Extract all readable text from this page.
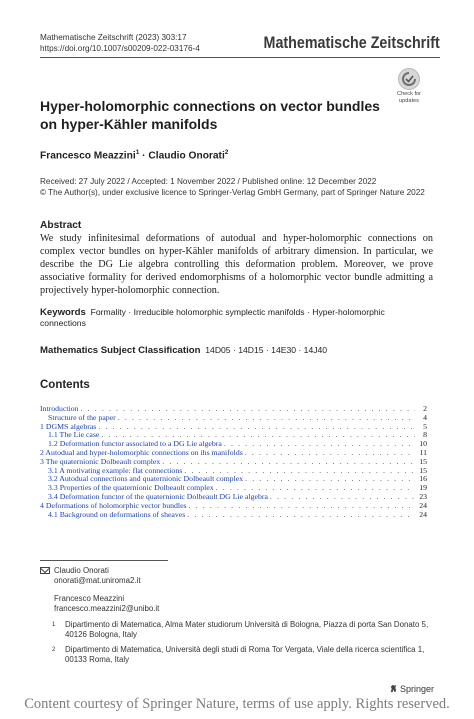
Mathematische Zeitschrift (2023) 303:17
https://doi.org/10.1007/s00209-022-03176-4	Mathematische Zeitschrift
Check for
updates
Hyper-holomorphic connections on vector bundles on hyper-Kähler manifolds
Francesco Meazzini$^1$ · Claudio Onorati$^2$
Received: 27 July 2022 / Accepted: 1 November 2022 / Published online: 12 December 2022
© The Author(s), under exclusive licence to Springer-Verlag GmbH Germany, part of Springer Nature 2022
Abstract

We study infinitesimal deformations of autodual and hyper-holomorphic connections on complex vector bundles on hyper-Kähler manifolds of arbitrary dimension. In particular, we describe the DG Lie algebra controlling this deformation problem. Moreover, we prove associative formality for derived endomorphisms of a holomorphic vector bundle admitting a projectively hyper-holomorphic connection.

Keywords Formality · Irreducible holomorphic symplectic manifolds · Hyper-holomorphic connections
Mathematics Subject Classification 14D05 · 14D15 · 14E30 · 14J40
Contents
Introduction . . .	2
Structure of the paper . . .	4
1 DGMS algebras . . .	5
1.1 The Lie case . . .	8
1.2 Deformation functor associated to a DG Lie algebra . . .	10
2 Autodual and hyper-holomorphic connections on ihs manifolds . . .	11
3 The quaternionic Dolbeault complex . . .	15
3.1 A motivating example: flat connections . . .	15
3.2 Autodual connections and quaternionic Dolbeault complex . . .	16
3.3 Properties of the quaternionic Dolbeault complex . . .	19
3.4 Deformation functor of the quaternionic Dolbeault DG Lie algebra . . .	23
4 Deformations of holomorphic vector bundles . . .	24
4.1 Background on deformations of sheaves . . .	24
Claudio Onorati
onorati@mat.uniroma2.it
Francesco Meazzini
francesco.meazzini2@unibo.it
1 Dipartimento di Matematica, Alma Mater studiorum Università di Bologna, Piazza di porta San Donato 5, 40126 Bologna, Italy
2 Dipartimento di Matematica, Università degli studi di Roma Tor Vergata, Viale della ricerca scientifica 1, 00133 Roma, Italy
Springer
Content courtesy of Springer Nature, terms of use apply. Rights reserved.
